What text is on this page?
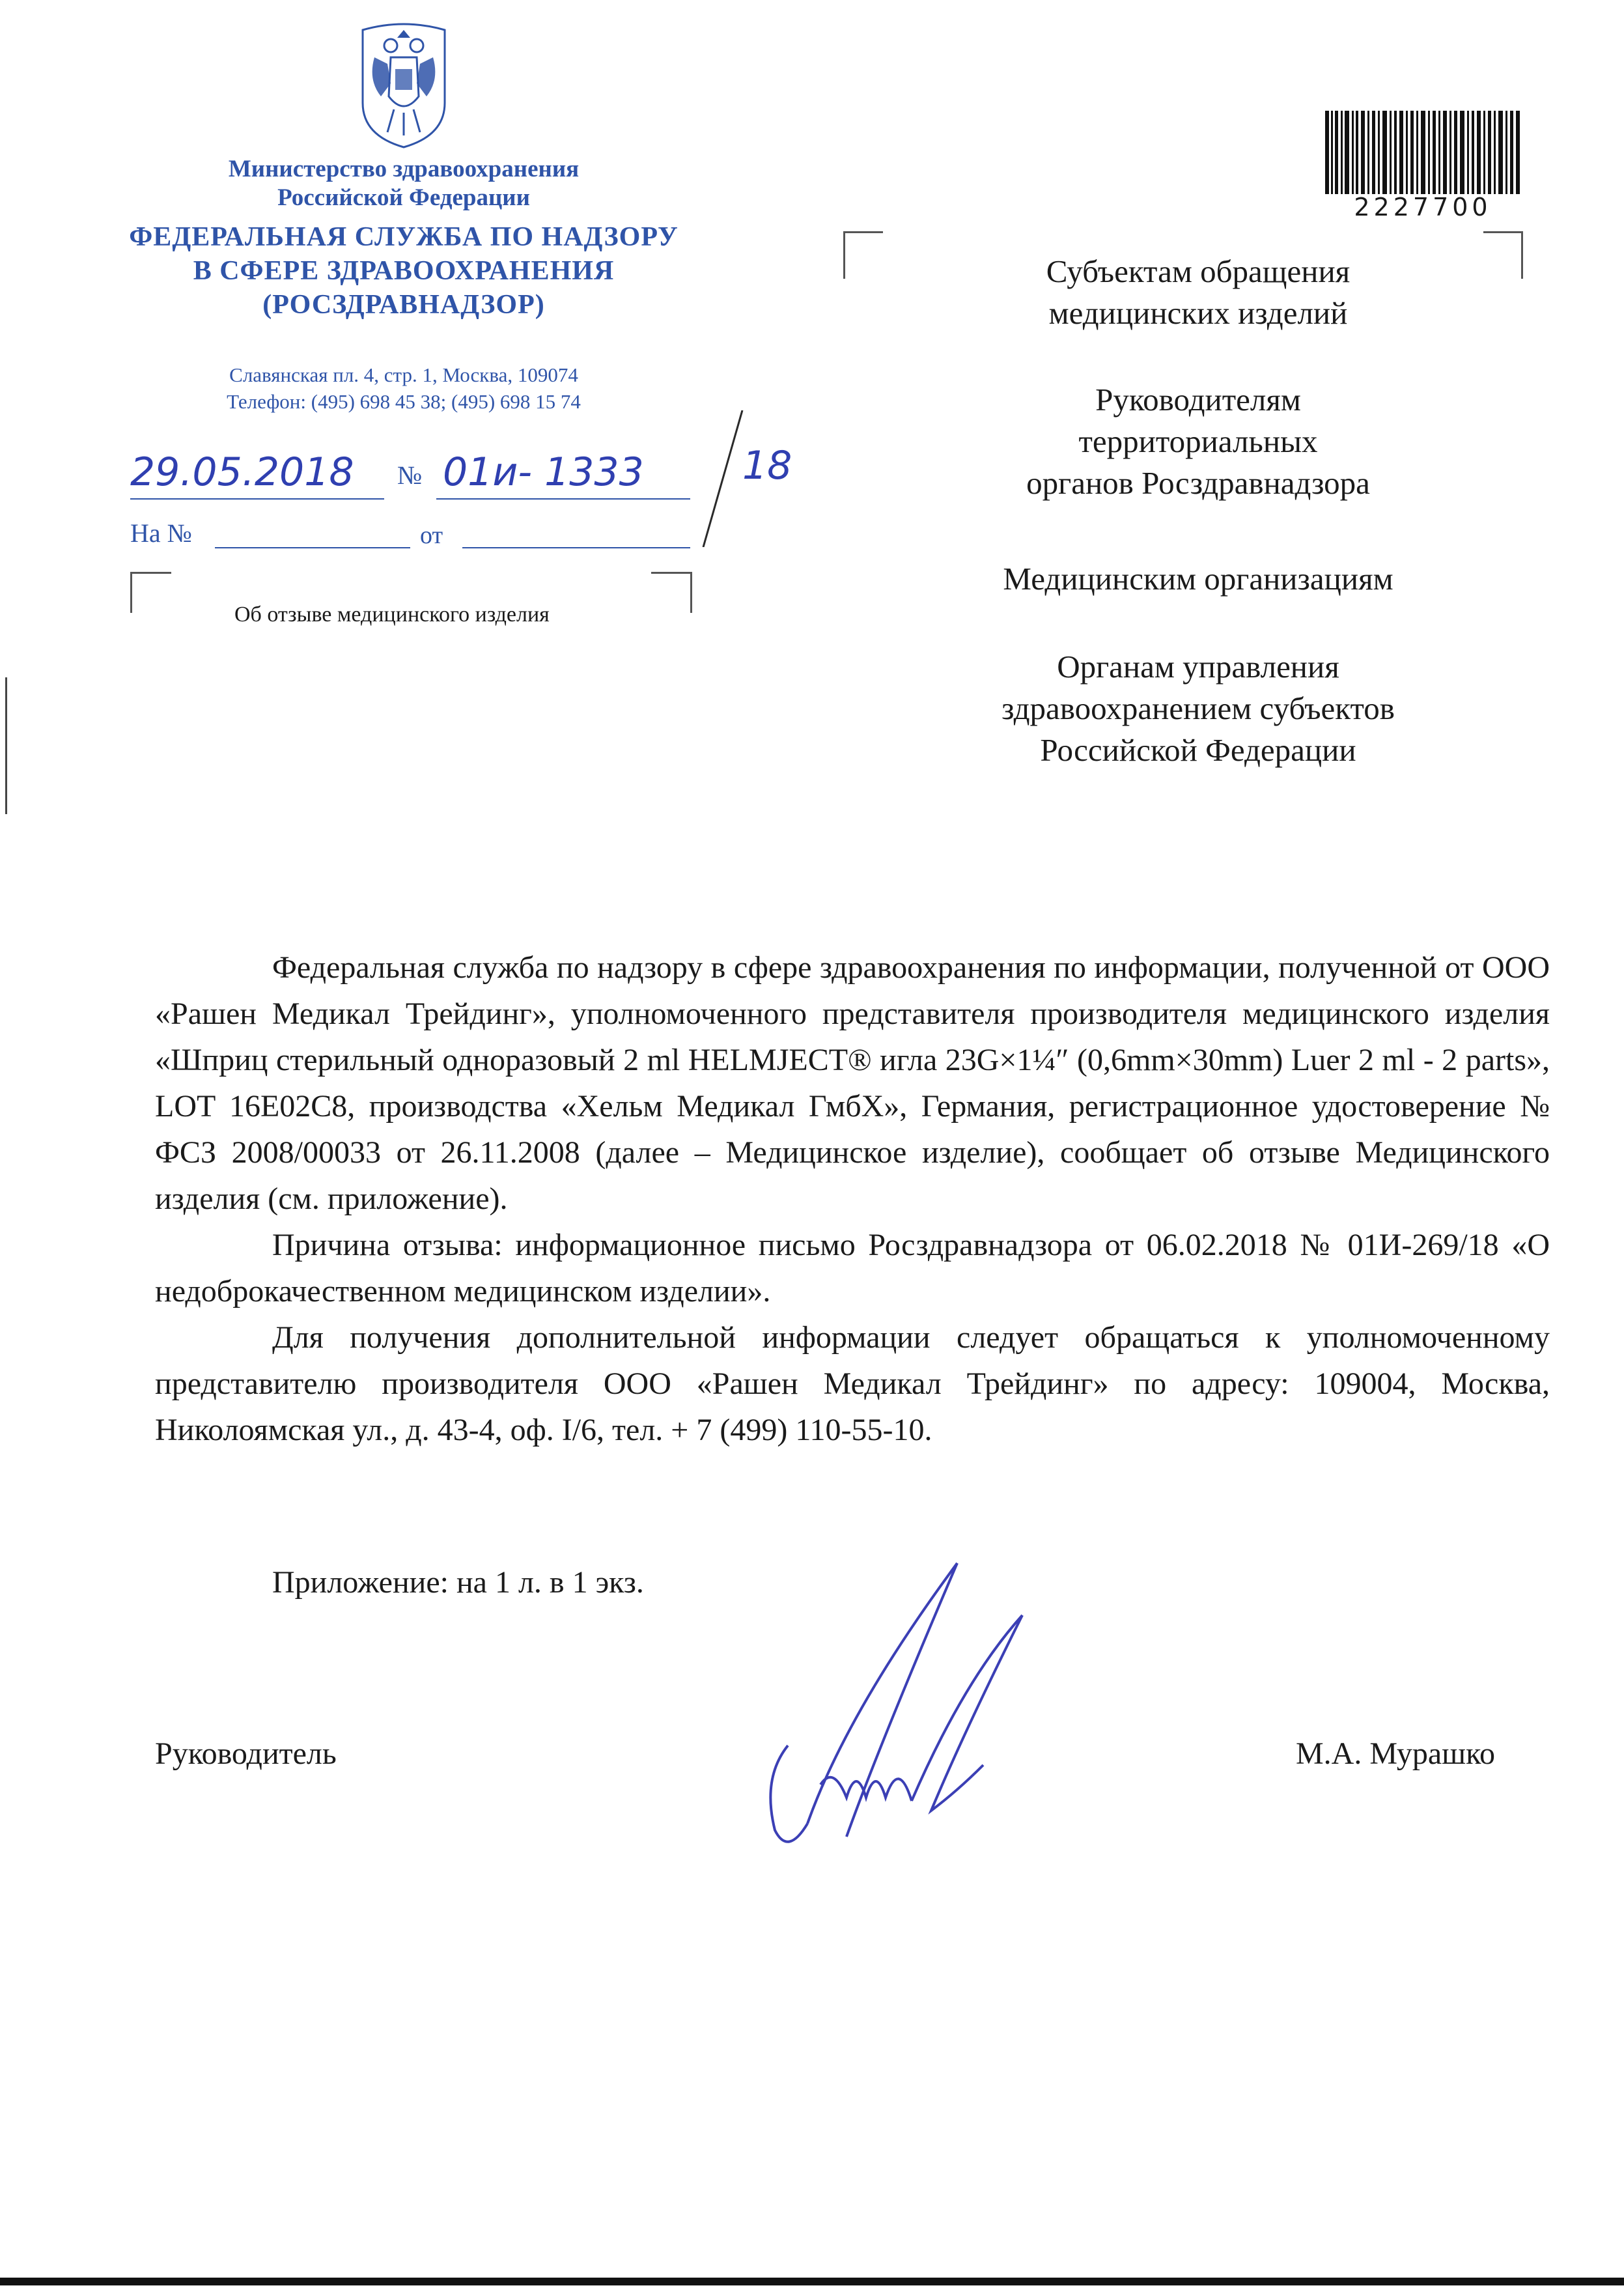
Министерство здравоохранения
Российской Федерации
ФЕДЕРАЛЬНАЯ СЛУЖБА ПО НАДЗОРУ
В СФЕРЕ ЗДРАВООХРАНЕНИЯ
(РОСЗДРАВНАДЗОР)
Славянская пл. 4, стр. 1, Москва, 109074
Телефон: (495) 698 45 38; (495) 698 15 74
29.05.2018 № 01и- 1333	18
На №	от
Об отзыве медицинского изделия
2227700
Субъектам обращения
медицинских изделий
Руководителям
территориальных
органов Росздравнадзора
Медицинским организациям
Органам управления
здравоохранением субъектов
Российской Федерации

Федеральная служба по надзору в сфере здравоохранения по информации, полученной от ООО «Рашен Медикал Трейдинг», уполномоченного представителя производителя медицинского изделия «Шприц стерильный одноразовый 2 ml HELMJECT® игла 23G×1¼″ (0,6mm×30mm) Luer 2 ml - 2 parts», LOT 16E02C8, производства «Хельм Медикал ГмбХ», Германия, регистрационное удостоверение № ФСЗ 2008/00033 от 26.11.2008 (далее – Медицинское изделие), сообщает об отзыве Медицинского изделия (см. приложение).

Причина отзыва: информационное письмо Росздравнадзора от 06.02.2018 № 01И-269/18 «О недоброкачественном медицинском изделии».

Для получения дополнительной информации следует обращаться к уполномоченному представителю производителя ООО «Рашен Медикал Трейдинг» по адресу: 109004, Москва, Николоямская ул., д. 43-4, оф. I/6, тел. + 7 (499) 110-55-10.

Приложение: на 1 л. в 1 экз.
Руководитель	М.А. Мурашко
